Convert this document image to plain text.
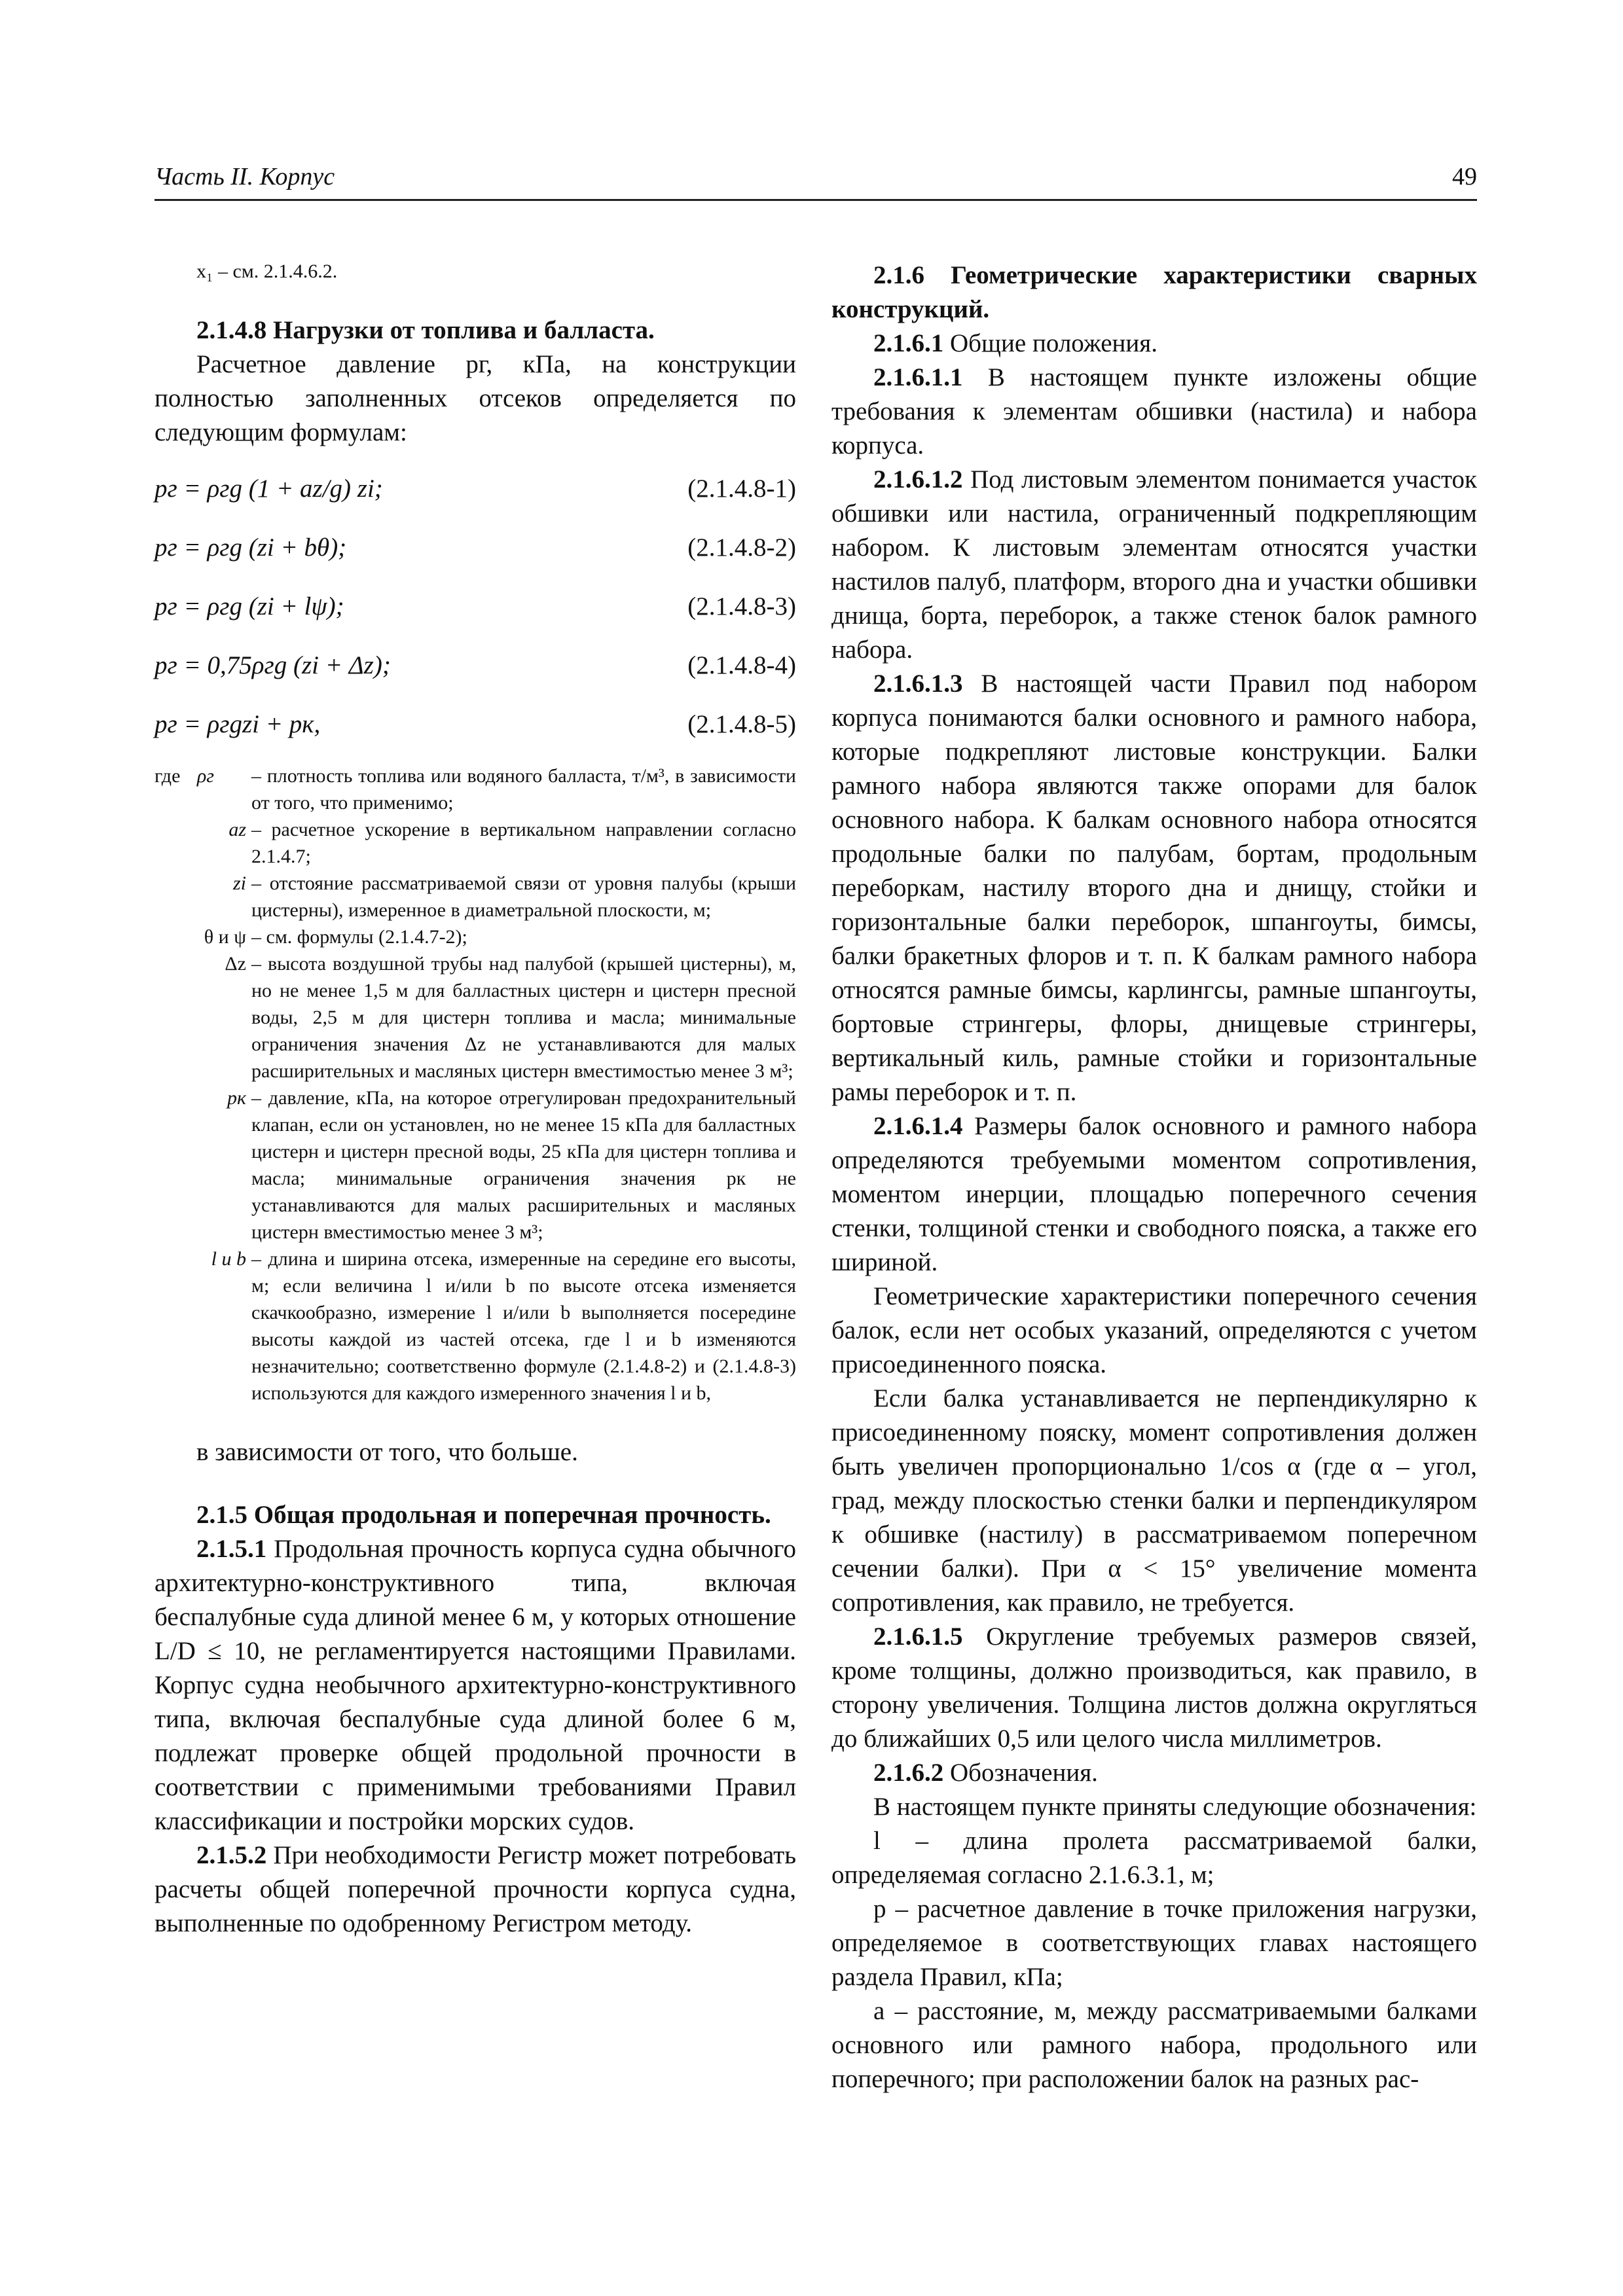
Часть II. Корпус	49
x₁ – см. 2.1.4.6.2.

2.1.4.8 Нагрузки от топлива и балласта.

Расчетное давление pг, кПа, на конструкции полностью заполненных отсеков определяется по следующим формулам:

pг = ρгg (1 + az/g) zi;	(2.1.4.8-1)
pг = ρгg (zi + bθ);	(2.1.4.8-2)
pг = ρгg (zi + lψ);	(2.1.4.8-3)
pг = 0,75ρгg (zi + Δz);	(2.1.4.8-4)
pг = ρгgzi + pк,	(2.1.4.8-5)
где ρг	– плотность топлива или водяного балласта, т/м³, в зависимости от того, что применимо;
az – расчетное ускорение в вертикальном направлении согласно 2.1.4.7;
zi – отстояние рассматриваемой связи от уровня палубы (крыши цистерны), измеренное в диаметральной плоскости, м;
θ и ψ – см. формулы (2.1.4.7-2);
Δz – высота воздушной трубы над палубой (крышей цистерны), м, но не менее 1,5 м для балластных цистерн и цистерн пресной воды, 2,5 м для цистерн топлива и масла; минимальные ограничения значения Δz не устанавливаются для малых расширительных и масляных цистерн вместимостью менее 3 м³;
pк – давление, кПа, на которое отрегулирован предохранительный клапан, если он установлен, но не менее 15 кПа для балластных цистерн и цистерн пресной воды, 25 кПа для цистерн топлива и масла; минимальные ограничения значения pк не устанавливаются для малых расширительных и масляных цистерн вместимостью менее 3 м³;
l и b – длина и ширина отсека, измеренные на середине его высоты, м; если величина l и/или b по высоте отсека изменяется скачкообразно, измерение l и/или b выполняется посередине высоты каждой из частей отсека, где l и b изменяются незначительно; соответственно формуле (2.1.4.8-2) и (2.1.4.8-3) используются для каждого измеренного значения l и b,

в зависимости от того, что больше.

2.1.5 Общая продольная и поперечная прочность.

2.1.5.1 Продольная прочность корпуса судна обычного архитектурно-конструктивного типа, включая беспалубные суда длиной менее 6 м, у которых отношение L/D ≤ 10, не регламентируется настоящими Правилами. Корпус судна необычного архитектурно-конструктивного типа, включая беспалубные суда длиной более 6 м, подлежат проверке общей продольной прочности в соответствии с применимыми требованиями Правил классификации и постройки морских судов.

2.1.5.2 При необходимости Регистр может потребовать расчеты общей поперечной прочности корпуса судна, выполненные по одобренному Регистром методу.

2.1.6 Геометрические характеристики сварных конструкций.

2.1.6.1 Общие положения.

2.1.6.1.1 В настоящем пункте изложены общие требования к элементам обшивки (настила) и набора корпуса.

2.1.6.1.2 Под листовым элементом понимается участок обшивки или настила, ограниченный подкрепляющим набором. К листовым элементам относятся участки настилов палуб, платформ, второго дна и участки обшивки днища, борта, переборок, а также стенок балок рамного набора.

2.1.6.1.3 В настоящей части Правил под набором корпуса понимаются балки основного и рамного набора, которые подкрепляют листовые конструкции. Балки рамного набора являются также опорами для балок основного набора. К балкам основного набора относятся продольные балки по палубам, бортам, продольным переборкам, настилу второго дна и днищу, стойки и горизонтальные балки переборок, шпангоуты, бимсы, балки бракетных флоров и т. п. К балкам рамного набора относятся рамные бимсы, карлингсы, рамные шпангоуты, бортовые стрингеры, флоры, днищевые стрингеры, вертикальный киль, рамные стойки и горизонтальные рамы переборок и т. п.

2.1.6.1.4 Размеры балок основного и рамного набора определяются требуемыми моментом сопротивления, моментом инерции, площадью поперечного сечения стенки, толщиной стенки и свободного пояска, а также его шириной.

Геометрические характеристики поперечного сечения балок, если нет особых указаний, определяются с учетом присоединенного пояска.

Если балка устанавливается не перпендикулярно к присоединенному пояску, момент сопротивления должен быть увеличен пропорционально 1/cos α (где α – угол, град, между плоскостью стенки балки и перпендикуляром к обшивке (настилу) в рассматриваемом поперечном сечении балки). При α < 15° увеличение момента сопротивления, как правило, не требуется.

2.1.6.1.5 Округление требуемых размеров связей, кроме толщины, должно производиться, как правило, в сторону увеличения. Толщина листов должна округляться до ближайших 0,5 или целого числа миллиметров.

2.1.6.2 Обозначения.

В настоящем пункте приняты следующие обозначения:

l – длина пролета рассматриваемой балки, определяемая согласно 2.1.6.3.1, м;

p – расчетное давление в точке приложения нагрузки, определяемое в соответствующих главах настоящего раздела Правил, кПа;

a – расстояние, м, между рассматриваемыми балками основного или рамного набора, продольного или поперечного; при расположении балок на разных рас-
